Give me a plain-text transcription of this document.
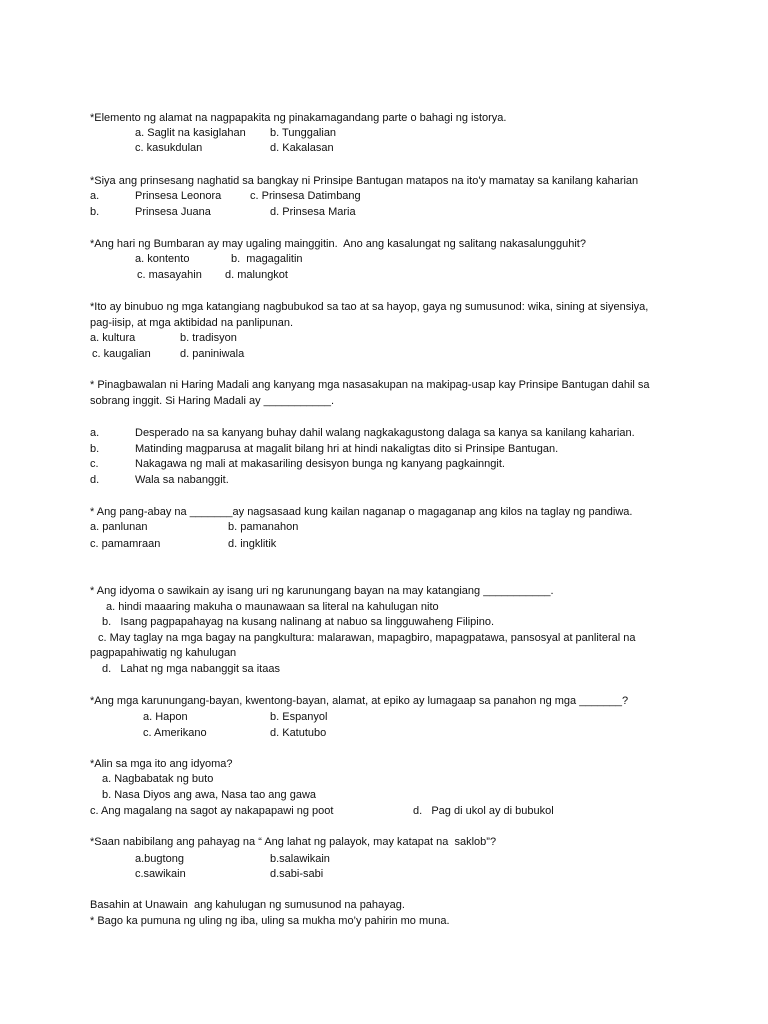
*Elemento ng alamat na nagpapakita ng pinakamagandang parte o bahagi ng istorya.
a. Saglit na kasiglahan b. Tunggalian
c. kasukdulan	d. Kakalasan
*Siya ang prinsesang naghatid sa bangkay ni Prinsipe Bantugan matapos na ito'y mamatay sa kanilang kaharian
a.	Prinsesa Leonora	c. Prinsesa Datimbang
b.	Prinsesa Juana	d. Prinsesa Maria
*Ang hari ng Bumbaran ay may ugaling mainggitin.  Ano ang kasalungat ng salitang nakasalungguhit?
a. kontento	b.  magagalitin
c. masayahin d. malungkot
*Ito ay binubuo ng mga katangiang nagbubukod sa tao at sa hayop, gaya ng sumusunod: wika, sining at siyensiya,
pag-iisip, at mga aktibidad na panlipunan.
a. kultura	b. tradisyon
c. kaugalian	d. paniniwala
* Pinagbawalan ni Haring Madali ang kanyang mga nasasakupan na makipag-usap kay Prinsipe Bantugan dahil sa
sobrang inggit. Si Haring Madali ay ___________.
a.	Desperado na sa kanyang buhay dahil walang nagkakagustong dalaga sa kanya sa kanilang kaharian.
b.	Matinding magparusa at magalit bilang hri at hindi nakaligtas dito si Prinsipe Bantugan.
c.	Nakagawa ng mali at makasariling desisyon bunga ng kanyang pagkainngit.
d.	Wala sa nabanggit.
* Ang pang-abay na _______ay nagsasaad kung kailan naganap o magaganap ang kilos na taglay ng pandiwa.
a. panlunan	b. pamanahon
c. pamamraan	d. ingklitik
* Ang idyoma o sawikain ay isang uri ng karunungang bayan na may katangiang ___________.
a. hindi maaaring makuha o maunawaan sa literal na kahulugan nito
b.   Isang pagpapahayag na kusang nalinang at nabuo sa lingguwaheng Filipino.
c. May taglay na mga bagay na pangkultura: malarawan, mapagbiro, mapagpatawa, pansosyal at panliteral na
pagpapahiwatig ng kahulugan
d.   Lahat ng mga nabanggit sa itaas
*Ang mga karunungang-bayan, kwentong-bayan, alamat, at epiko ay lumagaap sa panahon ng mga _______?
a. Hapon	b. Espanyol
c. Amerikano	d. Katutubo
*Alin sa mga ito ang idyoma?
a. Nagbabatak ng buto
b. Nasa Diyos ang awa, Nasa tao ang gawa
c. Ang magalang na sagot ay nakapapawi ng poot	d.   Pag di ukol ay di bubukol
*Saan nabibilang ang pahayag na “ Ang lahat ng palayok, may katapat na  saklob”?
a.bugtong	b.salawikain
c.sawikain	d.sabi-sabi
Basahin at Unawain  ang kahulugan ng sumusunod na pahayag.
* Bago ka pumuna ng uling ng iba, uling sa mukha mo’y pahirin mo muna.
